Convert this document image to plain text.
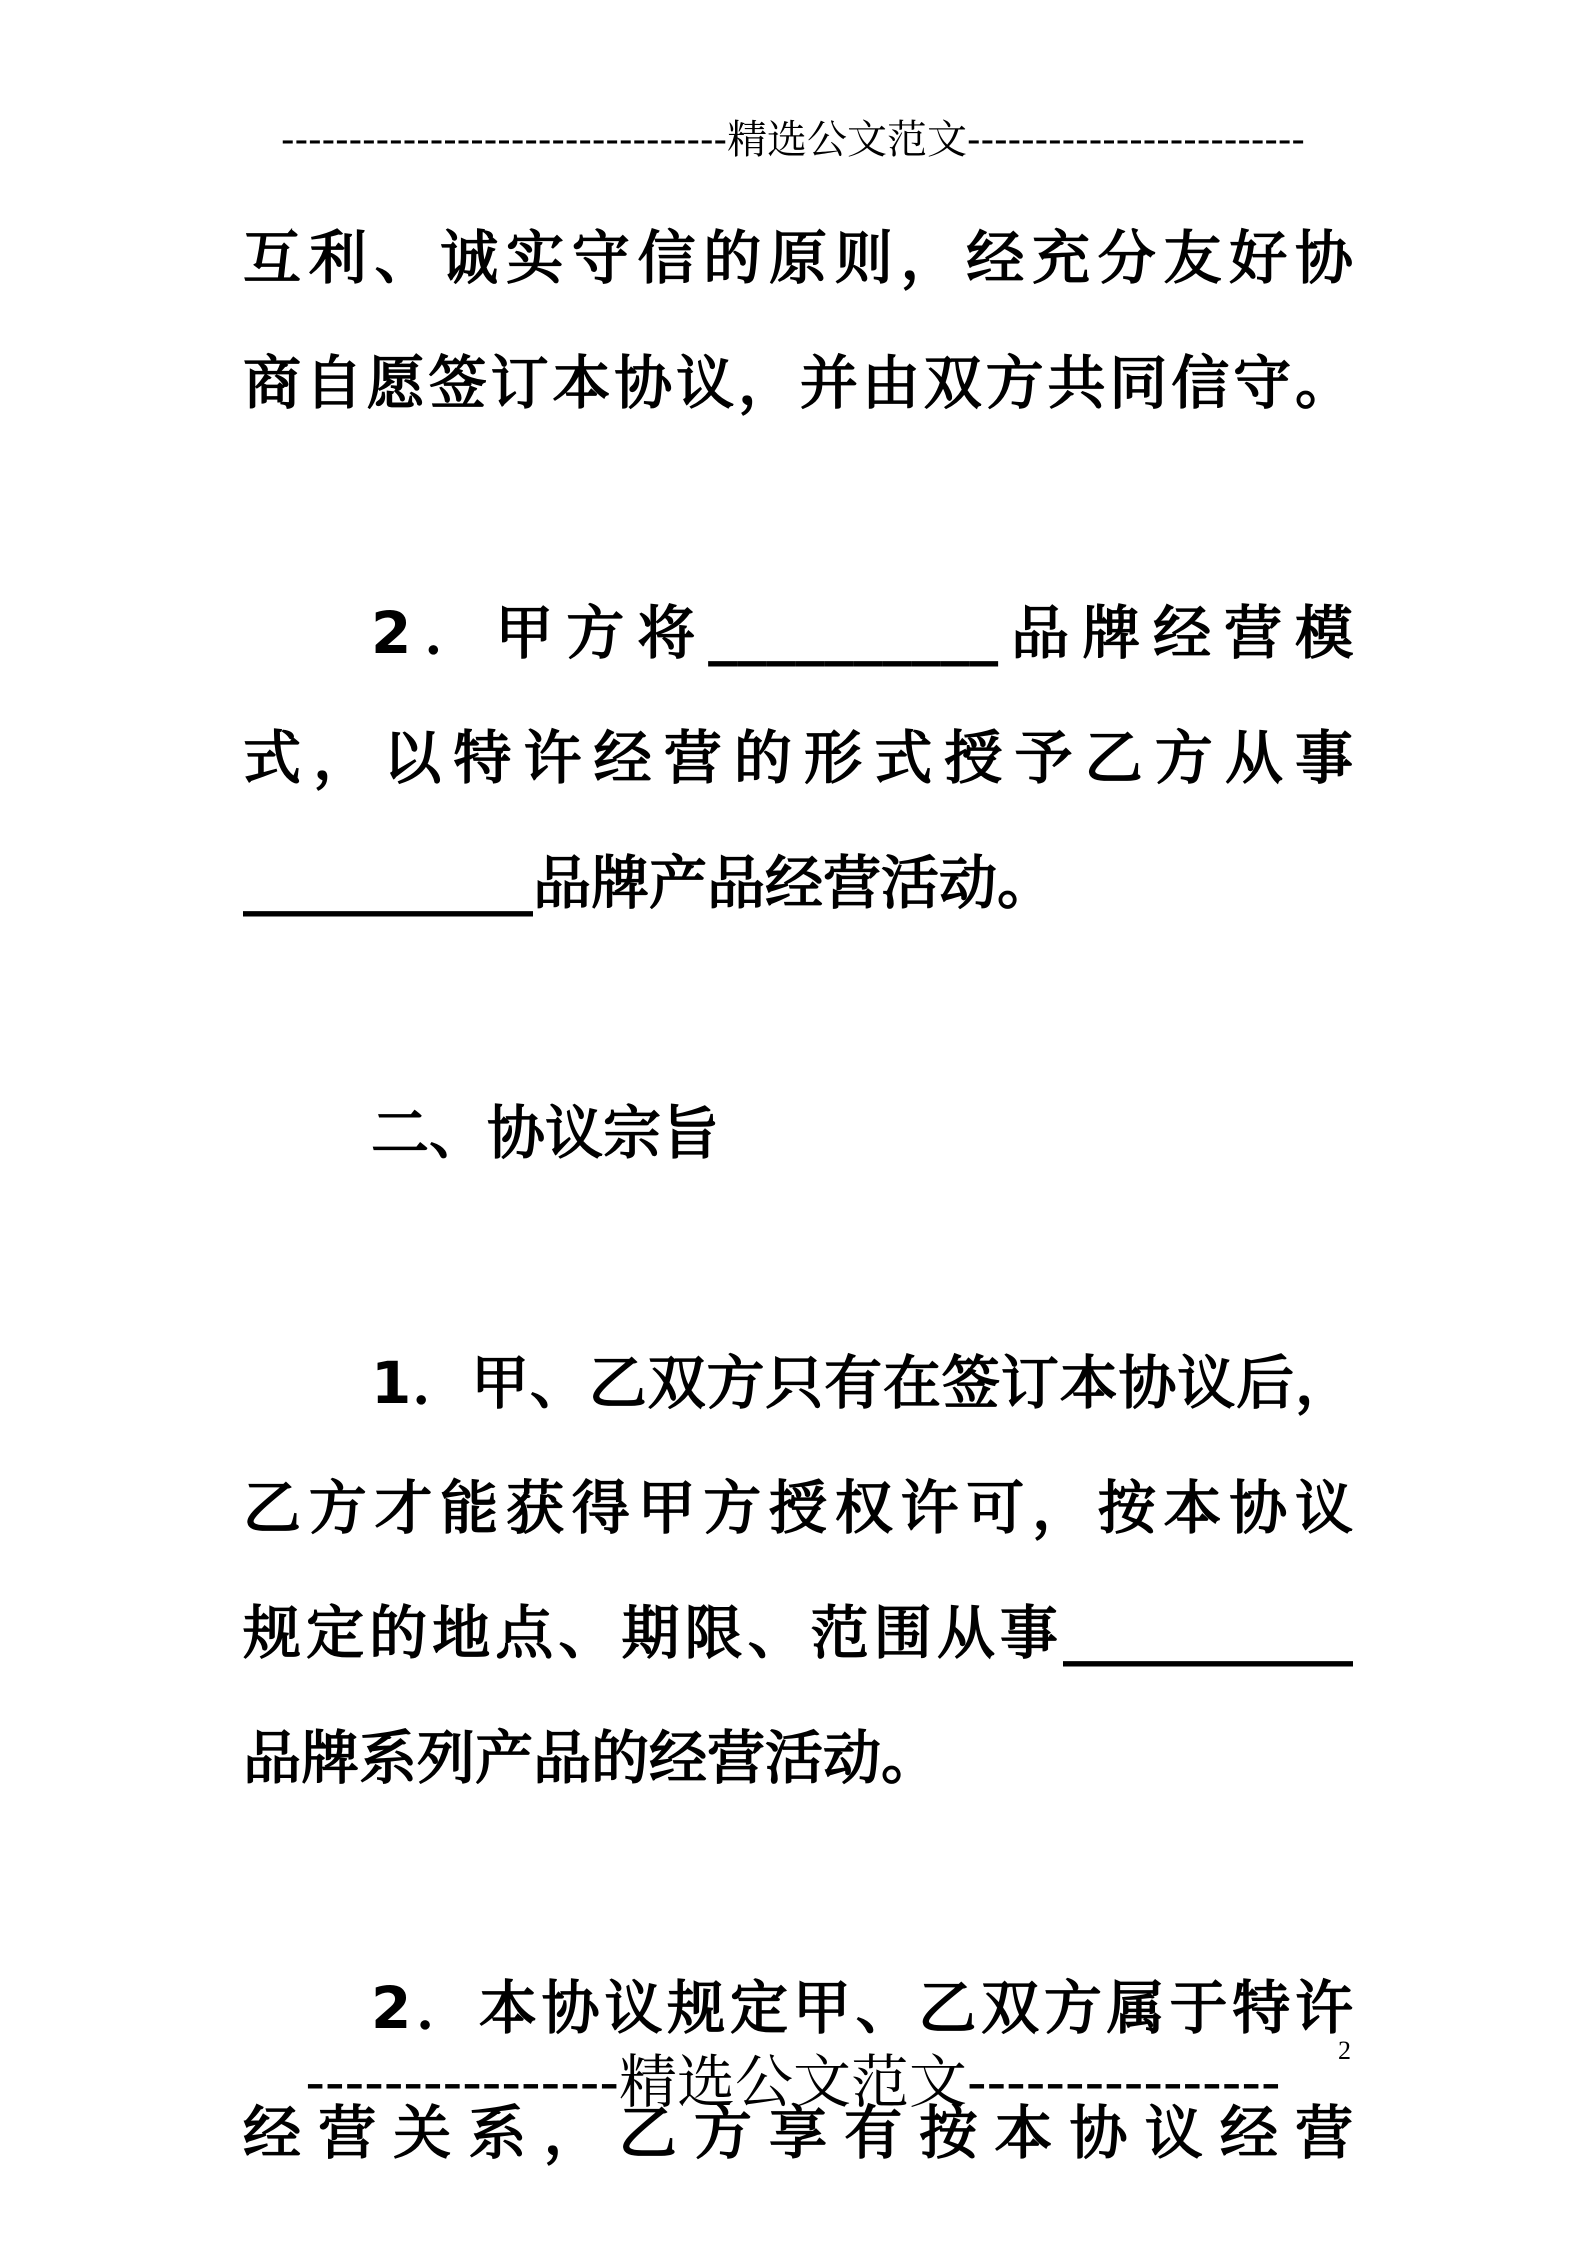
---------------------------------精选公文范文-------------------------
互利、诚实守信的原则，经充分友好协
商自愿签订本协议，并由双方共同信守。
2．甲方将__________品牌经营模
式，以特许经营的形式授予乙方从事
__________品牌产品经营活动。
二、协议宗旨
1．甲、乙双方只有在签订本协议后，
乙方才能获得甲方授权许可，按本协议
规定的地点、期限、范围从事__________
品牌系列产品的经营活动。
2．本协议规定甲、乙双方属于特许
经营关系，乙方享有按本协议经营
2
----------------精选公文范文----------------
